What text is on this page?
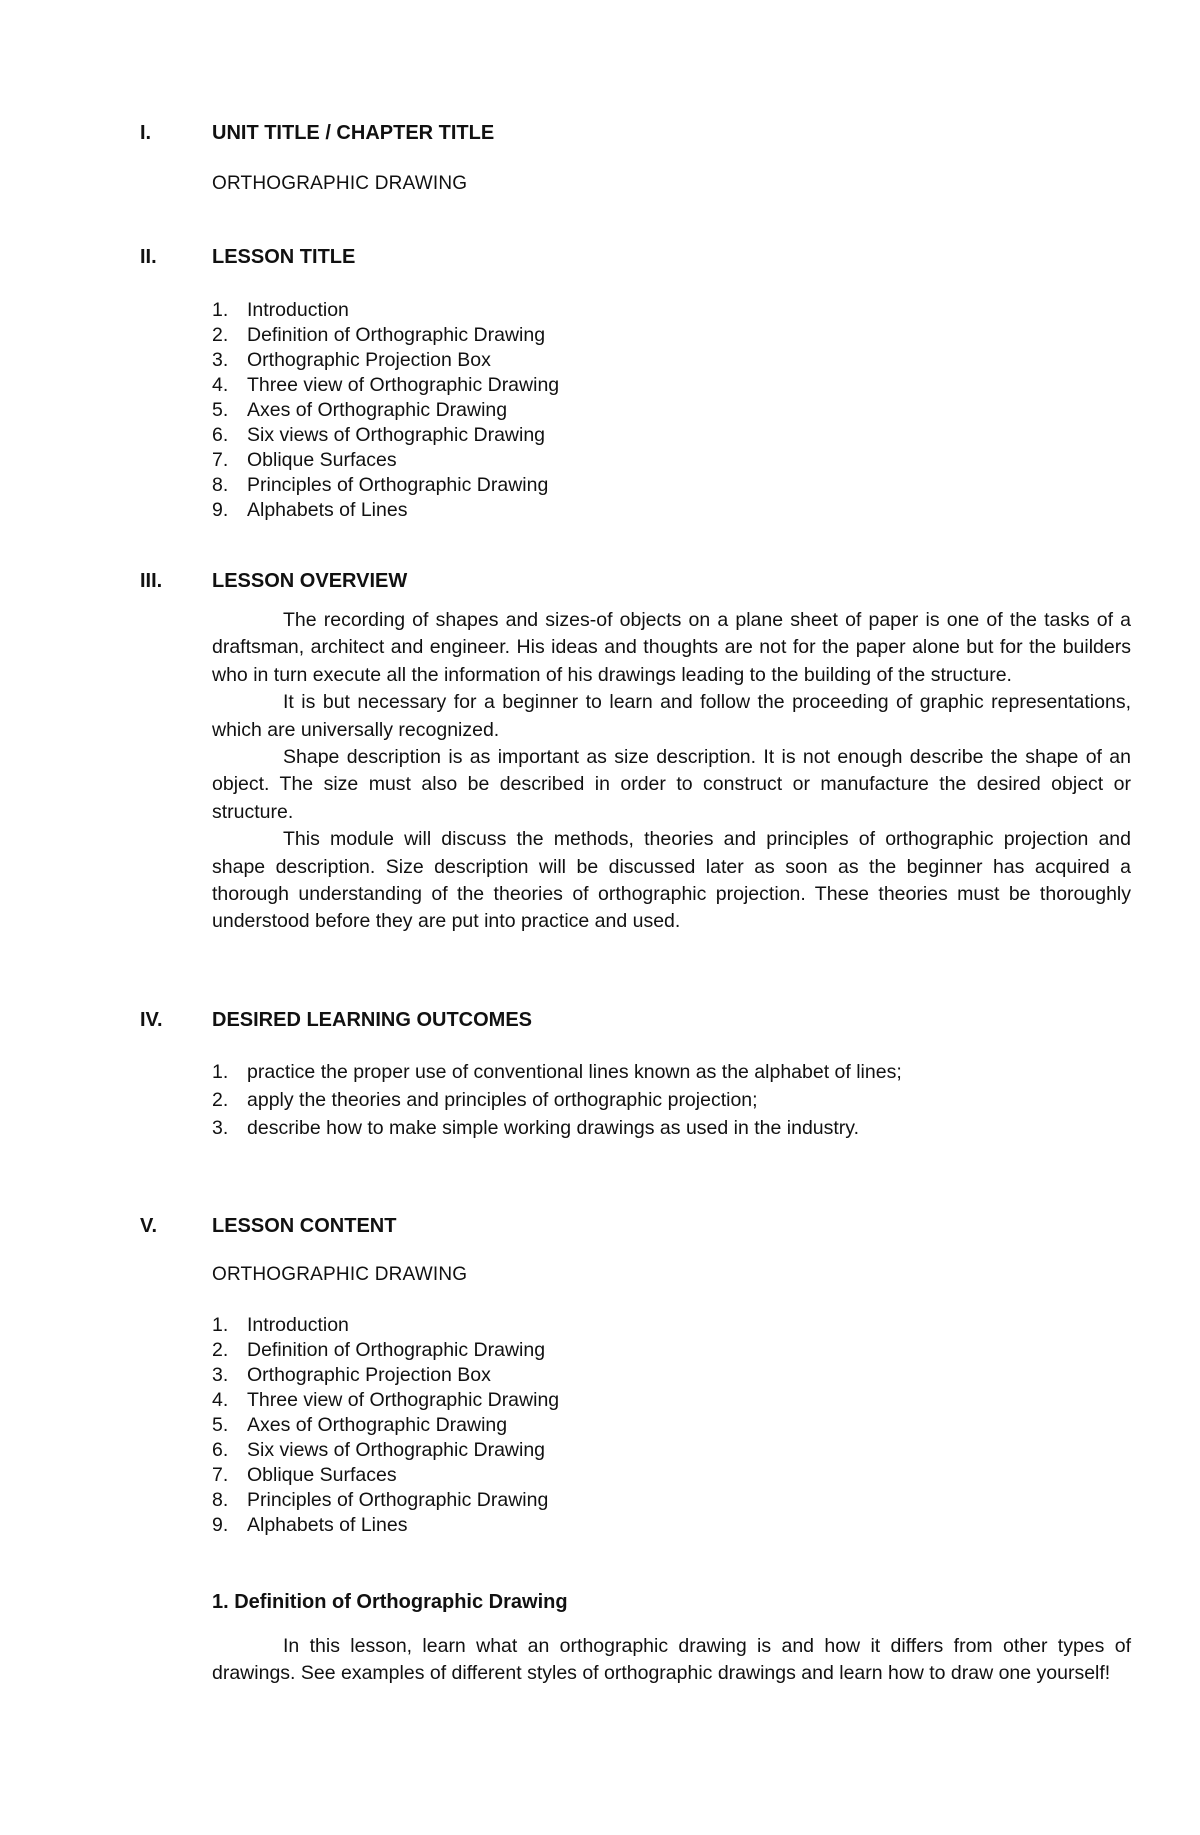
I.	UNIT TITLE / CHAPTER TITLE
ORTHOGRAPHIC DRAWING
II.	LESSON TITLE
1. Introduction
2. Definition of Orthographic Drawing
3. Orthographic Projection Box
4. Three view of Orthographic Drawing
5. Axes of Orthographic Drawing
6. Six views of Orthographic Drawing
7. Oblique Surfaces
8. Principles of Orthographic Drawing
9. Alphabets of Lines
III. LESSON OVERVIEW

The recording of shapes and sizes-of objects on a plane sheet of paper is one of the tasks of a draftsman, architect and engineer. His ideas and thoughts are not for the paper alone but for the builders who in turn execute all the information of his drawings leading to the building of the structure.

It is but necessary for a beginner to learn and follow the proceeding of graphic representations, which are universally recognized.

Shape description is as important as size description. It is not enough describe the shape of an object. The size must also be described in order to construct or manufacture the desired object or structure.

This module will discuss the methods, theories and principles of orthographic projection and shape description. Size description will be discussed later as soon as the beginner has acquired a thorough understanding of the theories of orthographic projection. These theories must be thoroughly understood before they are put into practice and used.

IV. DESIRED LEARNING OUTCOMES
1. practice the proper use of conventional lines known as the alphabet of lines;
2. apply the theories and principles of orthographic projection;
3. describe how to make simple working drawings as used in the industry.
V.	LESSON CONTENT
ORTHOGRAPHIC DRAWING
1. Introduction
2. Definition of Orthographic Drawing
3. Orthographic Projection Box
4. Three view of Orthographic Drawing
5. Axes of Orthographic Drawing
6. Six views of Orthographic Drawing
7. Oblique Surfaces
8. Principles of Orthographic Drawing
9. Alphabets of Lines
1. Definition of Orthographic Drawing

In this lesson, learn what an orthographic drawing is and how it differs from other types of drawings. See examples of different styles of orthographic drawings and learn how to draw one yourself!
